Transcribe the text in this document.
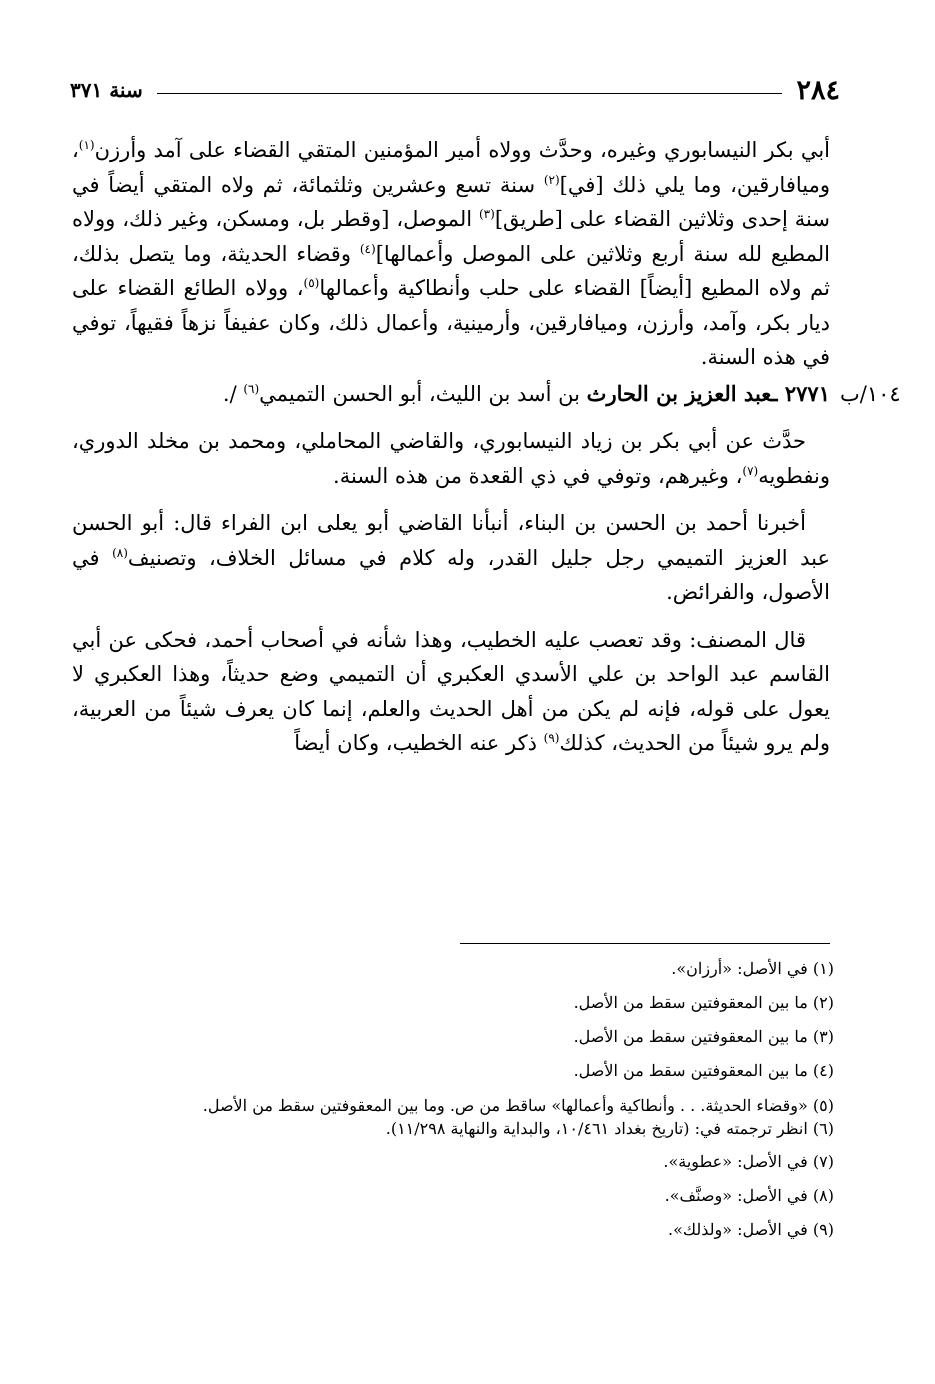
٢٨٤
سنة ٣٧١

أبي بكر النيسابوري وغيره، وحدَّث وولاه أمير المؤمنين المتقي القضاء على آمد وأرزن$^{(١)}$، وميافارقين، وما يلي ذلك [في]$^{(٢)}$ سنة تسع وعشرين وثلثمائة، ثم ولاه المتقي أيضاً في سنة إحدى وثلاثين القضاء على [طريق]$^{(٣)}$ الموصل، [وقطر بل، ومسكن، وغير ذلك، وولاه المطيع لله سنة أربع وثلاثين على الموصل وأعمالها]$^{(٤)}$ وقضاء الحديثة، وما يتصل بذلك، ثم ولاه المطيع [أيضاً] القضاء على حلب وأنطاكية وأعمالها$^{(٥)}$، وولاه الطائع القضاء على ديار بكر، وآمد، وأرزن، وميافارقين، وأرمينية، وأعمال ذلك، وكان عفيفاً نزهاً فقيهاً، توفي في هذه السنة.

١٠٤/ب
٢٧٧١ ـعبد العزيز بن الحارث بن أسد بن الليث، أبو الحسن التميمي$^{(٦)}$ /.

حدَّث عن أبي بكر بن زياد النيسابوري، والقاضي المحاملي، ومحمد بن مخلد الدوري، ونفطويه$^{(٧)}$، وغيرهم، وتوفي في ذي القعدة من هذه السنة.

أخبرنا أحمد بن الحسن بن البناء، أنبأنا القاضي أبو يعلى ابن الفراء قال: أبو الحسن عبد العزيز التميمي رجل جليل القدر، وله كلام في مسائل الخلاف، وتصنيف$^{(٨)}$ في الأصول، والفرائض.

قال المصنف: وقد تعصب عليه الخطيب، وهذا شأنه في أصحاب أحمد، فحكى عن أبي القاسم عبد الواحد بن علي الأسدي العكبري أن التميمي وضع حديثاً، وهذا العكبري لا يعول على قوله، فإنه لم يكن من أهل الحديث والعلم، إنما كان يعرف شيئاً من العربية، ولم يرو شيئاً من الحديث، كذلك$^{(٩)}$ ذكر عنه الخطيب، وكان أيضاً

(١) في الأصل: «أرزان».
(٢) ما بين المعقوفتين سقط من الأصل.
(٣) ما بين المعقوفتين سقط من الأصل.
(٤) ما بين المعقوفتين سقط من الأصل.
(٥) «وقضاء الحديثة. . . وأنطاكية وأعمالها» ساقط من ص. وما بين المعقوفتين سقط من الأصل.
(٦) انظر ترجمته في: (تاريخ بغداد ١٠/٤٦١، والبداية والنهاية ١١/٢٩٨).
(٧) في الأصل: «عطوية».
(٨) في الأصل: «وصنَّف».
(٩) في الأصل: «ولذلك».
